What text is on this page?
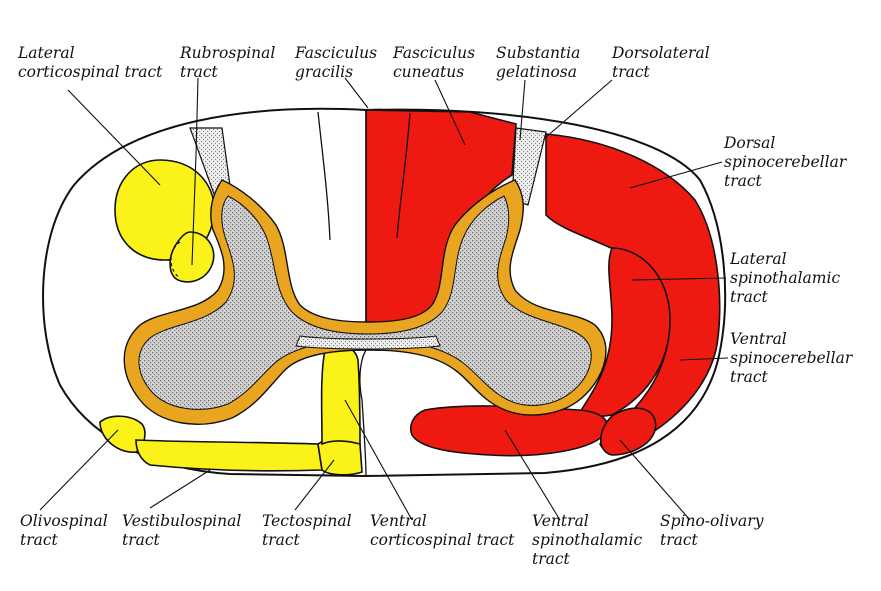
Lateral corticospinal tract
Rubrospinal tract
Fasciculus gracilis
Fasciculus cuneatus
Substantia gelatinosa
Dorsolateral tract
Dorsal spinocerebellar tract
Lateral spinothalamic tract
Ventral spinocerebellar tract
Olivospinal tract
Vestibulospinal tract
Tectospinal tract
Ventral corticospinal tract
Ventral spinothalamic tract
Spino-olivary tract
